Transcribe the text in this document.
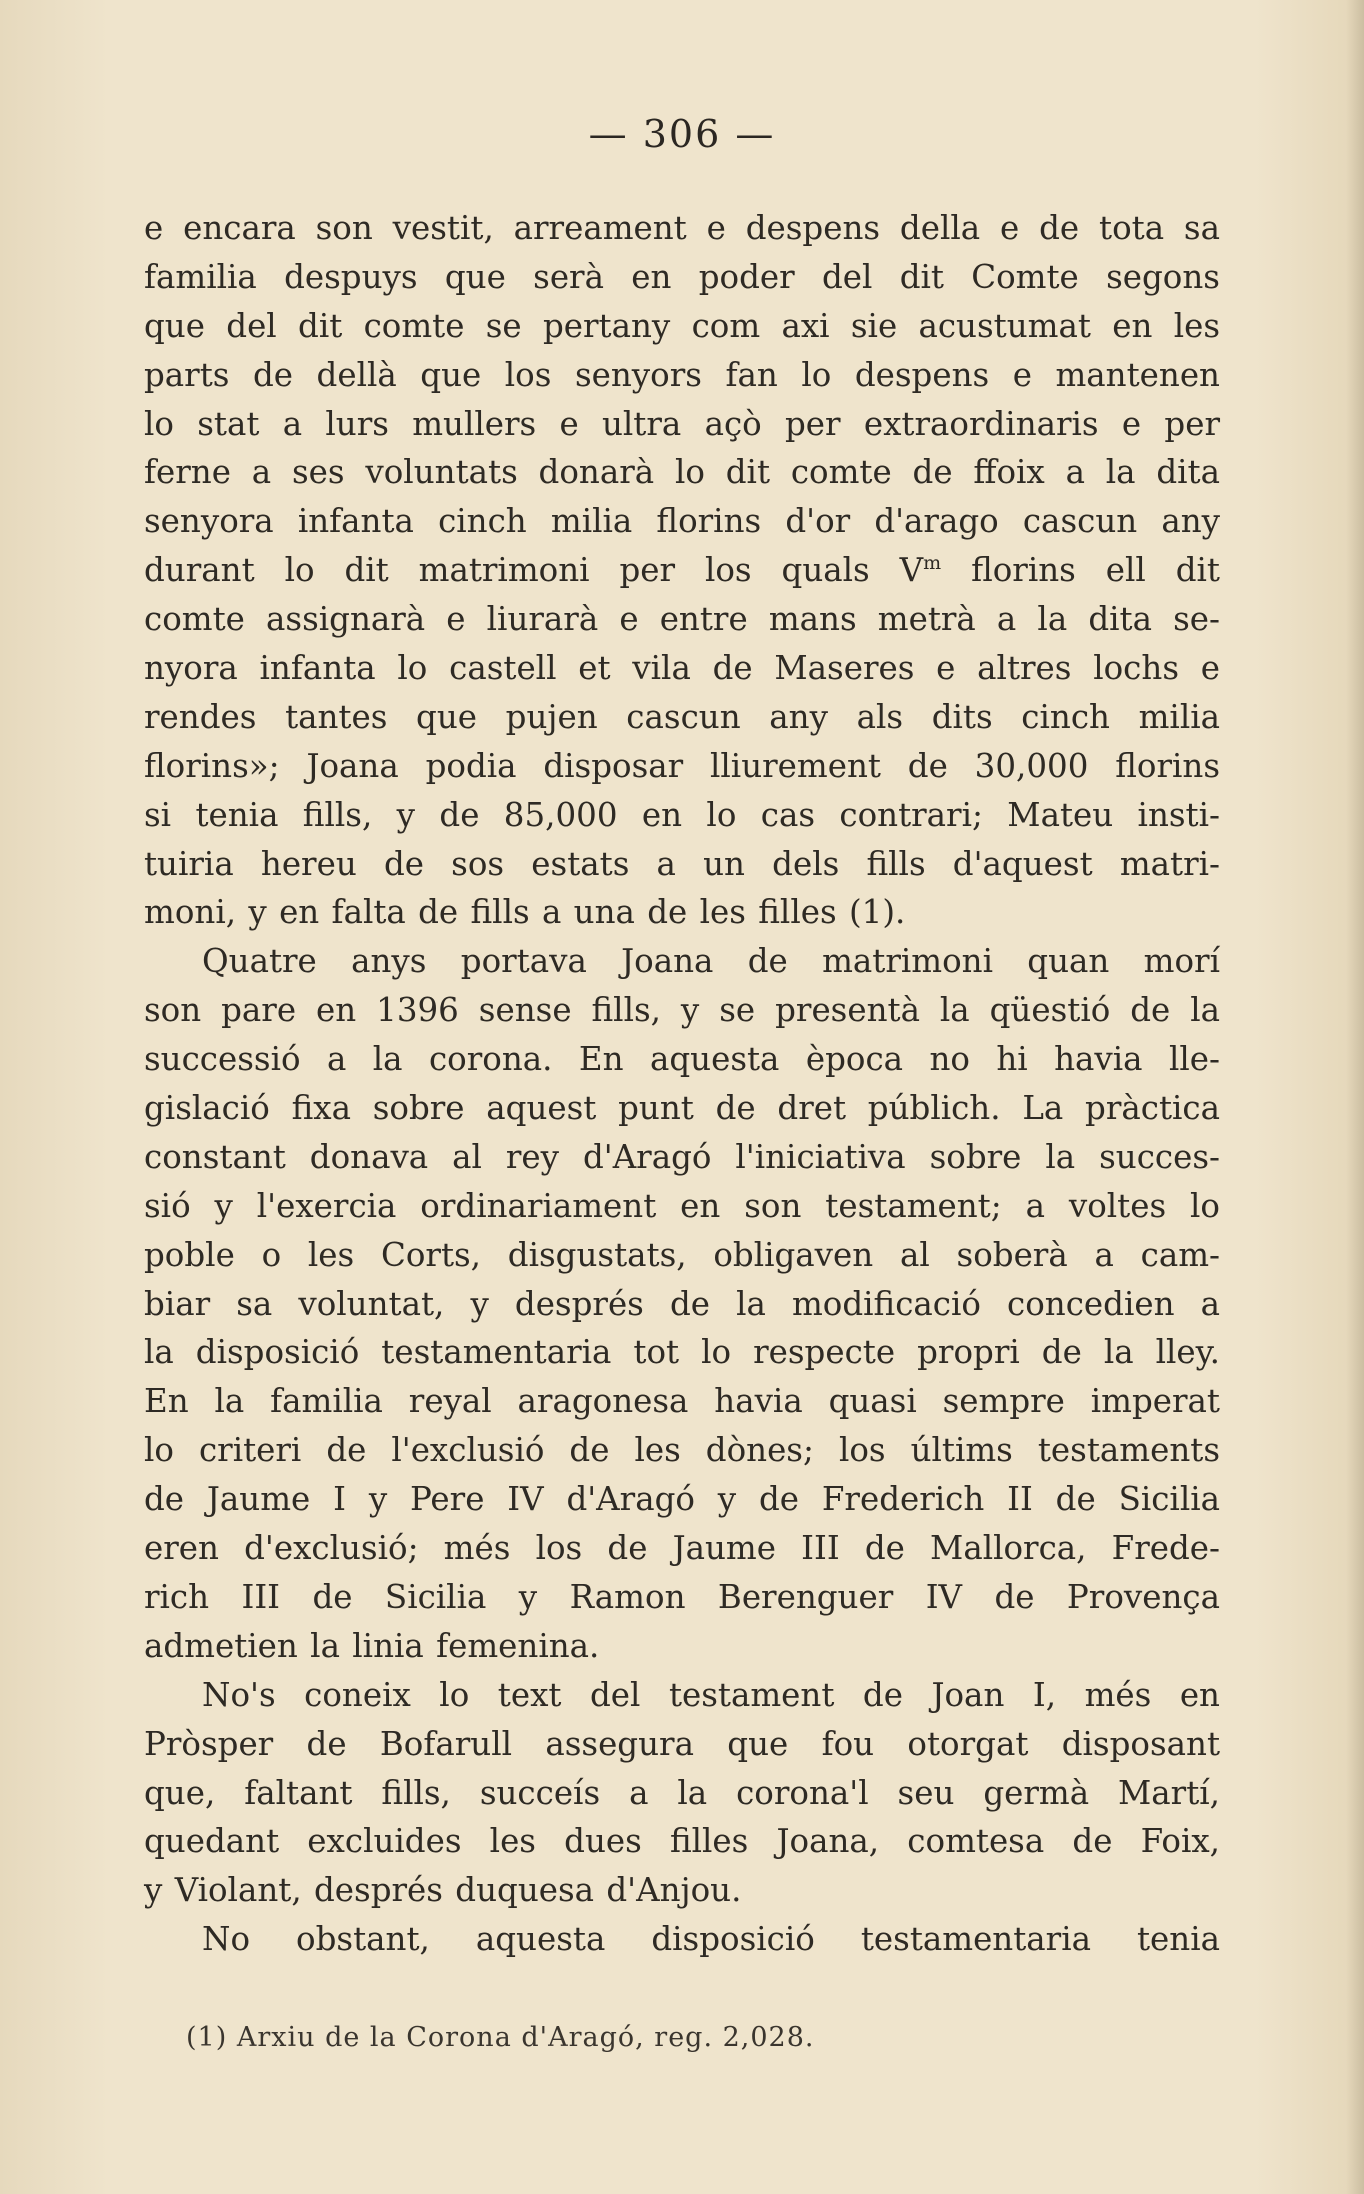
— 306 —
e encara son vestit, arreament e despens della e de tota sa
familia despuys que serà en poder del dit Comte segons
que del dit comte se pertany com axi sie acustumat en les
parts de dellà que los senyors fan lo despens e mantenen
lo stat a lurs mullers e ultra açò per extraordinaris e per
ferne a ses voluntats donarà lo dit comte de ffoix a la dita
senyora infanta cinch milia florins d'or d'arago cascun any
durant lo dit matrimoni per los quals $V^m$ florins ell dit
comte assignarà e liurarà e entre mans metrà a la dita se-
nyora infanta lo castell et vila de Maseres e altres lochs e
rendes tantes que pujen cascun any als dits cinch milia
florins»; Joana podia disposar lliurement de 30,000 florins
si tenia fills, y de 85,000 en lo cas contrari; Mateu insti-
tuiria hereu de sos estats a un dels fills d'aquest matri-
moni, y en falta de fills a una de les filles (1).
Quatre anys portava Joana de matrimoni quan morí
son pare en 1396 sense fills, y se presentà la qüestió de la
successió a la corona. En aquesta època no hi havia lle-
gislació fixa sobre aquest punt de dret públich. La pràctica
constant donava al rey d'Aragó l'iniciativa sobre la succes-
sió y l'exercia ordinariament en son testament; a voltes lo
poble o les Corts, disgustats, obligaven al soberà a cam-
biar sa voluntat, y després de la modificació concedien a
la disposició testamentaria tot lo respecte propri de la lley.
En la familia reyal aragonesa havia quasi sempre imperat
lo criteri de l'exclusió de les dònes; los últims testaments
de Jaume I y Pere IV d'Aragó y de Frederich II de Sicilia
eren d'exclusió; més los de Jaume III de Mallorca, Frede-
rich III de Sicilia y Ramon Berenguer IV de Provença
admetien la linia femenina.
No's coneix lo text del testament de Joan I, més en
Pròsper de Bofarull assegura que fou otorgat disposant
que, faltant fills, succeís a la corona'l seu germà Martí,
quedant excluides les dues filles Joana, comtesa de Foix,
y Violant, després duquesa d'Anjou.
No obstant, aquesta disposició testamentaria tenia
(1) Arxiu de la Corona d'Aragó, reg. 2,028.
